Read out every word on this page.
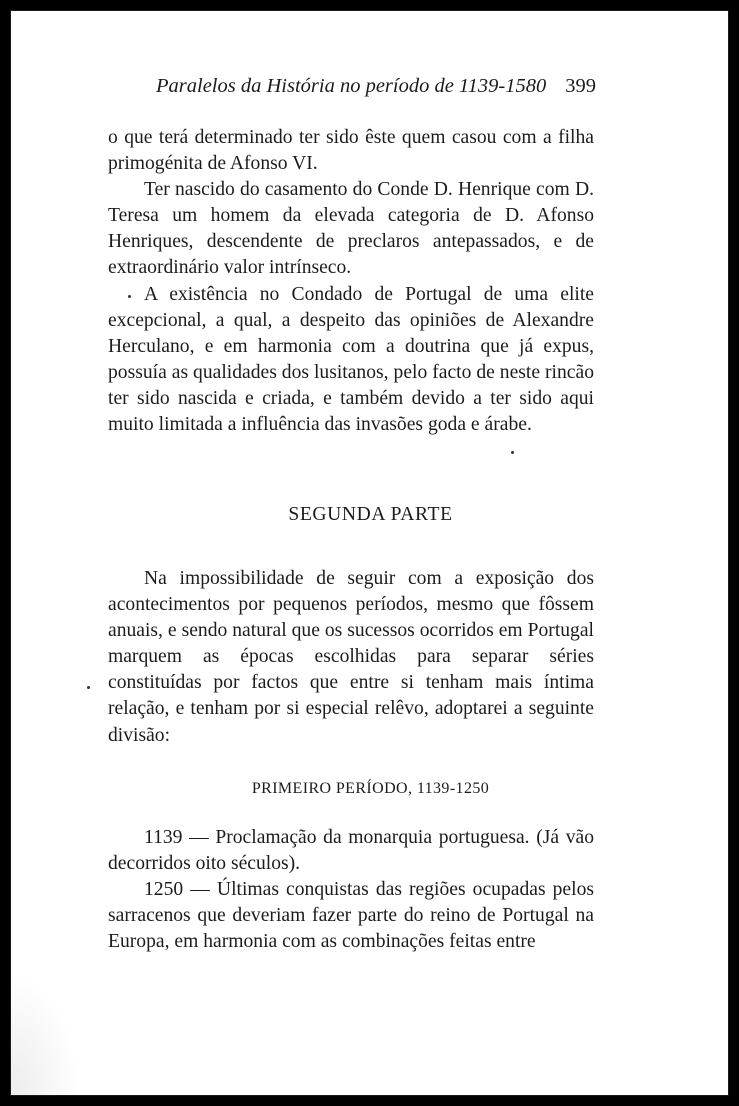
Paralelos da História no período de 1139-1580 399

o que terá determinado ter sido êste quem casou com a filha primogénita de Afonso VI.

Ter nascido do casamento do Conde D. Henrique com D. Teresa um homem da elevada categoria de D. Afonso Henriques, descendente de preclaros antepassados, e de extraordinário valor intrínseco.

A existência no Condado de Portugal de uma elite excepcional, a qual, a despeito das opiniões de Alexandre Herculano, e em harmonia com a doutrina que já expus, possuía as qualidades dos lusitanos, pelo facto de neste rincão ter sido nascida e criada, e também devido a ter sido aqui muito limitada a influência das invasões goda e árabe.

SEGUNDA PARTE

Na impossibilidade de seguir com a exposição dos acontecimentos por pequenos períodos, mesmo que fôssem anuais, e sendo natural que os sucessos ocorridos em Portugal marquem as épocas escolhidas para separar séries constituídas por factos que entre si tenham mais íntima relação, e tenham por si especial relêvo, adoptarei a seguinte divisão:

PRIMEIRO PERÍODO, 1139-1250

1139 — Proclamação da monarquia portuguesa. (Já vão decorridos oito séculos).

1250 — Últimas conquistas das regiões ocupadas pelos sarracenos que deveriam fazer parte do reino de Portugal na Europa, em harmonia com as combinações feitas entre
